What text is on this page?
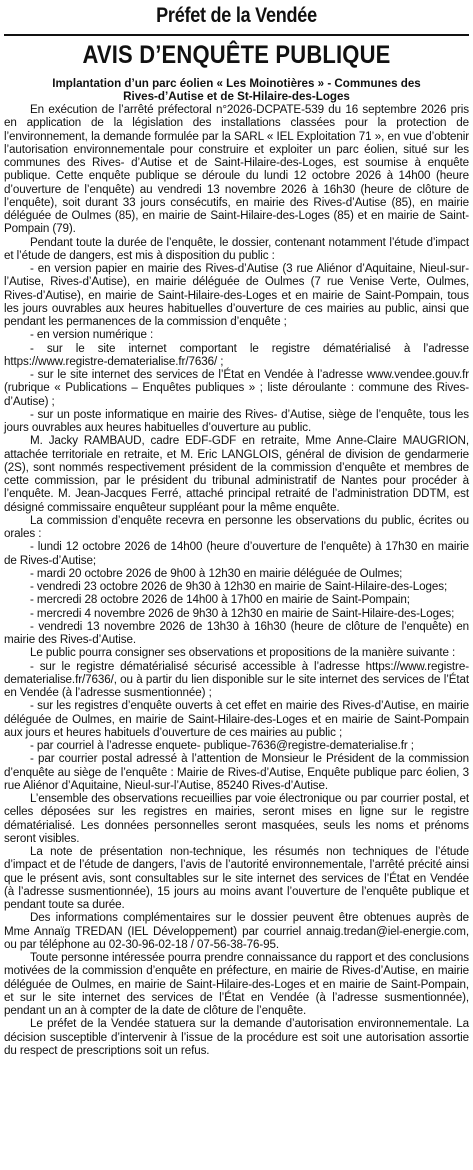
Préfet de la Vendée
AVIS D’ENQUÊTE PUBLIQUE
Implantation d’un parc éolien « Les Moinotières » - Communes des
Rives-d’Autise et de St-Hilaire-des-Loges

En exécution de l’arrêté préfectoral n°2026-DCPATE-539 du 16 septembre 2026 pris en application de la législation des installations classées pour la protection de l’environnement, la demande formulée par la SARL « IEL Exploitation 71 », en vue d’obtenir l’autorisation environnementale pour construire et exploiter un parc éolien, situé sur les communes des Rives- d’Autise et de Saint-Hilaire-des-Loges, est soumise à enquête publique. Cette enquête publique se déroule du lundi 12 octobre 2026 à 14h00 (heure d’ouverture de l’enquête) au vendredi 13 novembre 2026 à 16h30 (heure de clôture de l’enquête), soit durant 33 jours consécutifs, en mairie des Rives-d’Autise (85), en mairie déléguée de Oulmes (85), en mairie de Saint-Hilaire-des-Loges (85) et en mairie de Saint-Pompain (79).

Pendant toute la durée de l’enquête, le dossier, contenant notamment l’étude d’impact et l’étude de dangers, est mis à disposition du public :

- en version papier en mairie des Rives-d’Autise (3 rue Aliénor d’Aquitaine, Nieul-sur-l’Autise, Rives-d’Autise), en mairie déléguée de Oulmes (7 rue Venise Verte, Oulmes, Rives-d’Autise), en mairie de Saint-Hilaire-des-Loges et en mairie de Saint-Pompain, tous les jours ouvrables aux heures habituelles d’ouverture de ces mairies au public, ainsi que pendant les permanences de la commission d’enquête ;

- en version numérique :

- sur le site internet comportant le registre dématérialisé à l’adresse https://www.registre-dematerialise.fr/7636/ ;

- sur le site internet des services de l’État en Vendée à l’adresse www.vendee.gouv.fr (rubrique « Publications – Enquêtes publiques » ; liste déroulante : commune des Rives-d’Autise) ;

- sur un poste informatique en mairie des Rives- d’Autise, siège de l’enquête, tous les jours ouvrables aux heures habituelles d’ouverture au public.

M. Jacky RAMBAUD, cadre EDF-GDF en retraite, Mme Anne-Claire MAUGRION, attachée territoriale en retraite, et M. Eric LANGLOIS, général de division de gendarmerie (2S), sont nommés respectivement président de la commission d’enquête et membres de cette commission, par le président du tribunal administratif de Nantes pour procéder à l’enquête. M. Jean-Jacques Ferré, attaché principal retraité de l’administration DDTM, est désigné commissaire enquêteur suppléant pour la même enquête.

La commission d’enquête recevra en personne les observations du public, écrites ou orales :

- lundi 12 octobre 2026 de 14h00 (heure d’ouverture de l’enquête) à 17h30 en mairie de Rives-d’Autise;

- mardi 20 octobre 2026 de 9h00 à 12h30 en mairie déléguée de Oulmes;

- vendredi 23 octobre 2026 de 9h30 à 12h30 en mairie de Saint-Hilaire-des-Loges;

- mercredi 28 octobre 2026 de 14h00 à 17h00 en mairie de Saint-Pompain;

- mercredi 4 novembre 2026 de 9h30 à 12h30 en mairie de Saint-Hilaire-des-Loges;

- vendredi 13 novembre 2026 de 13h30 à 16h30 (heure de clôture de l’enquête) en mairie des Rives-d’Autise.

Le public pourra consigner ses observations et propositions de la manière suivante :

- sur le registre dématérialisé sécurisé accessible à l’adresse https://www.registre-dematerialise.fr/7636/, ou à partir du lien disponible sur le site internet des services de l’État en Vendée (à l’adresse susmentionnée) ;

- sur les registres d’enquête ouverts à cet effet en mairie des Rives-d’Autise, en mairie déléguée de Oulmes, en mairie de Saint-Hilaire-des-Loges et en mairie de Saint-Pompain aux jours et heures habituels d’ouverture de ces mairies au public ;

- par courriel à l’adresse enquete- publique-7636@registre-dematerialise.fr ;

- par courrier postal adressé à l’attention de Monsieur le Président de la commission d’enquête au siège de l’enquête : Mairie de Rives-d’Autise, Enquête publique parc éolien, 3 rue Aliénor d’Aquitaine, Nieul-sur-l’Autise, 85240 Rives-d’Autise.

L’ensemble des observations recueillies par voie électronique ou par courrier postal, et celles déposées sur les registres en mairies, seront mises en ligne sur le registre dématérialisé. Les données personnelles seront masquées, seuls les noms et prénoms seront visibles.

La note de présentation non-technique, les résumés non techniques de l’étude d’impact et de l’étude de dangers, l’avis de l’autorité environnementale, l’arrêté précité ainsi que le présent avis, sont consultables sur le site internet des services de l’État en Vendée (à l’adresse susmentionnée), 15 jours au moins avant l’ouverture de l’enquête publique et pendant toute sa durée.

Des informations complémentaires sur le dossier peuvent être obtenues auprès de Mme Annaïg TREDAN (IEL Développement) par courriel annaig.tredan@iel-energie.com, ou par téléphone au 02-30-96-02-18 / 07-56-38-76-95.

Toute personne intéressée pourra prendre connaissance du rapport et des conclusions motivées de la commission d’enquête en préfecture, en mairie de Rives-d’Autise, en mairie déléguée de Oulmes, en mairie de Saint-Hilaire-des-Loges et en mairie de Saint-Pompain, et sur le site internet des services de l’État en Vendée (à l’adresse susmentionnée), pendant un an à compter de la date de clôture de l’enquête.

Le préfet de la Vendée statuera sur la demande d’autorisation environnementale. La décision susceptible d’intervenir à l’issue de la procédure est soit une autorisation assortie du respect de prescriptions soit un refus.
